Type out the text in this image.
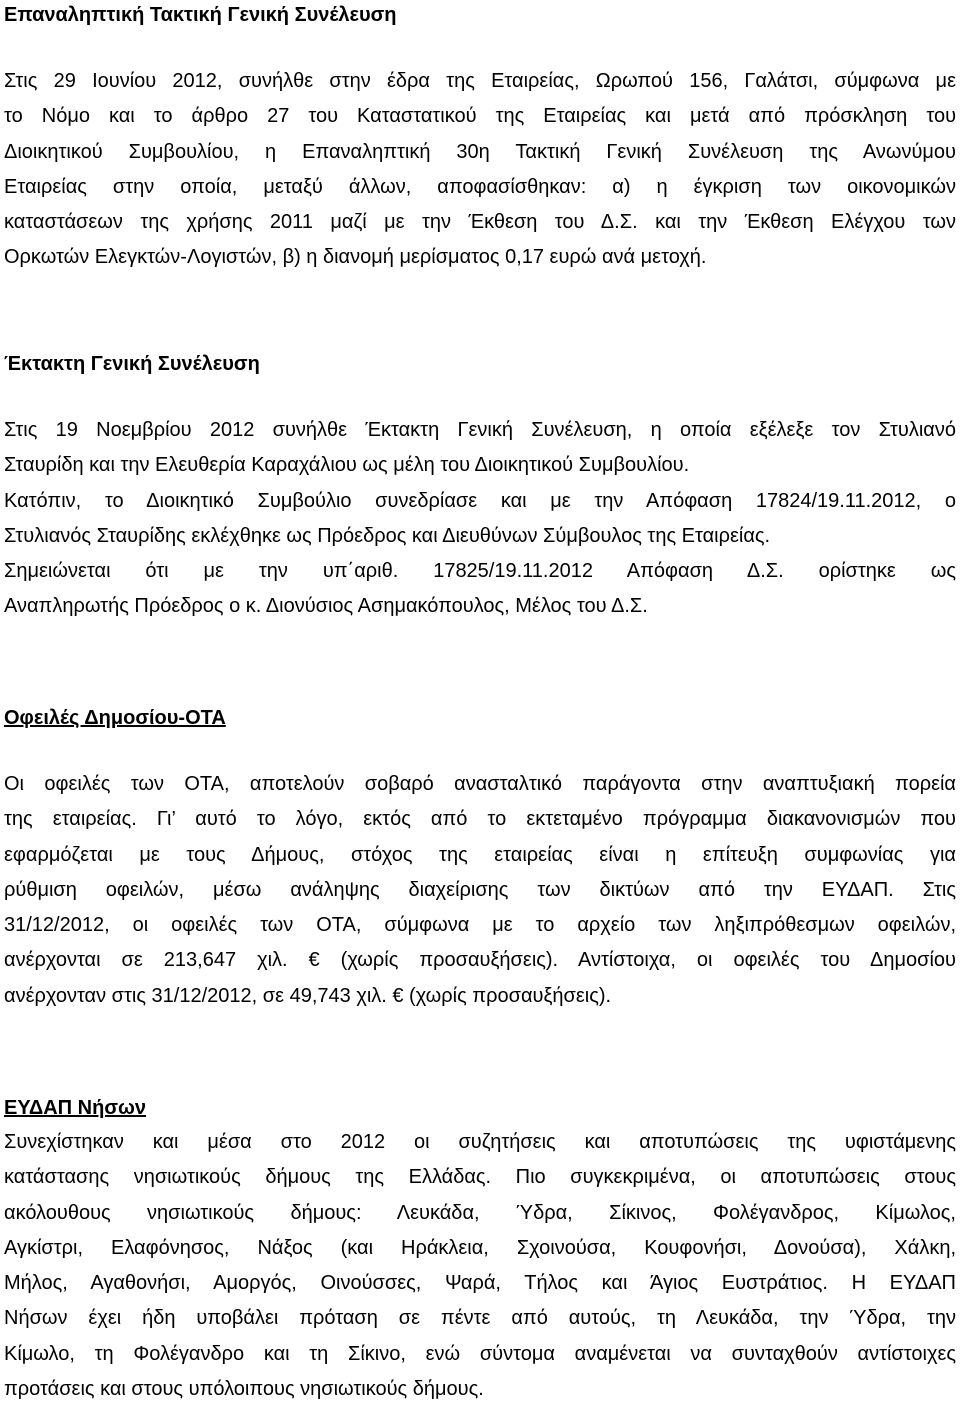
Επαναληπτική Τακτική Γενική Συνέλευση

Στις 29 Ιουνίου 2012, συνήλθε στην έδρα της Εταιρείας, Ωρωπού 156, Γαλάτσι, σύμφωνα με
το Νόμο και το άρθρο 27 του Καταστατικού της Εταιρείας και μετά από πρόσκληση του
Διοικητικού Συμβουλίου, η Επαναληπτική 30η Τακτική Γενική Συνέλευση της Ανωνύμου
Εταιρείας στην οποία, μεταξύ άλλων, αποφασίσθηκαν: α) η έγκριση των οικονομικών
καταστάσεων της χρήσης 2011 μαζί με την Έκθεση του Δ.Σ. και την Έκθεση Ελέγχου των
Ορκωτών Ελεγκτών-Λογιστών, β) η διανομή μερίσματος 0,17 ευρώ ανά μετοχή.

Έκτακτη Γενική Συνέλευση

Στις 19 Νοεμβρίου 2012 συνήλθε Έκτακτη Γενική Συνέλευση, η οποία εξέλεξε τον Στυλιανό
Σταυρίδη και την Ελευθερία Καραχάλιου ως μέλη του Διοικητικού Συμβουλίου.
Κατόπιν, το Διοικητικό Συμβούλιο συνεδρίασε και με την Απόφαση 17824/19.11.2012, ο
Στυλιανός Σταυρίδης εκλέχθηκε ως Πρόεδρος και Διευθύνων Σύμβουλος της Εταιρείας.
Σημειώνεται ότι με την υπ΄αριθ. 17825/19.11.2012 Απόφαση Δ.Σ. ορίστηκε ως
Αναπληρωτής Πρόεδρος ο κ. Διονύσιος Ασημακόπουλος, Μέλος του Δ.Σ.

Οφειλές Δημοσίου-ΟΤΑ

Οι οφειλές των ΟΤΑ, αποτελούν σοβαρό ανασταλτικό παράγοντα στην αναπτυξιακή πορεία
της εταιρείας. Γι’ αυτό το λόγο, εκτός από το εκτεταμένο πρόγραμμα διακανονισμών που
εφαρμόζεται με τους Δήμους, στόχος της εταιρείας είναι η επίτευξη συμφωνίας για
ρύθμιση οφειλών, μέσω ανάληψης διαχείρισης των δικτύων από την ΕΥΔΑΠ. Στις
31/12/2012, οι οφειλές των ΟΤΑ, σύμφωνα με το αρχείο των ληξιπρόθεσμων οφειλών,
ανέρχονται σε 213,647 χιλ. € (χωρίς προσαυξήσεις). Αντίστοιχα, οι οφειλές του Δημοσίου
ανέρχονταν στις 31/12/2012, σε 49,743 χιλ. € (χωρίς προσαυξήσεις).

ΕΥΔΑΠ Νήσων

Συνεχίστηκαν και μέσα στο 2012 οι συζητήσεις και αποτυπώσεις της υφιστάμενης
κατάστασης νησιωτικούς δήμους της Ελλάδας. Πιο συγκεκριμένα, οι αποτυπώσεις στους
ακόλουθους νησιωτικούς δήμους: Λευκάδα, Ύδρα, Σίκινος, Φολέγανδρος, Κίμωλος,
Αγκίστρι, Ελαφόνησος, Νάξος (και Ηράκλεια, Σχοινούσα, Κουφονήσι, Δονούσα), Χάλκη,
Μήλος, Αγαθονήσι, Αμοργός, Οινούσσες, Ψαρά, Τήλος και Άγιος Ευστράτιος. Η ΕΥΔΑΠ
Νήσων έχει ήδη υποβάλει πρόταση σε πέντε από αυτούς, τη Λευκάδα, την Ύδρα, την
Κίμωλο, τη Φολέγανδρο και τη Σίκινο, ενώ σύντομα αναμένεται να συνταχθούν αντίστοιχες
προτάσεις και στους υπόλοιπους νησιωτικούς δήμους.
